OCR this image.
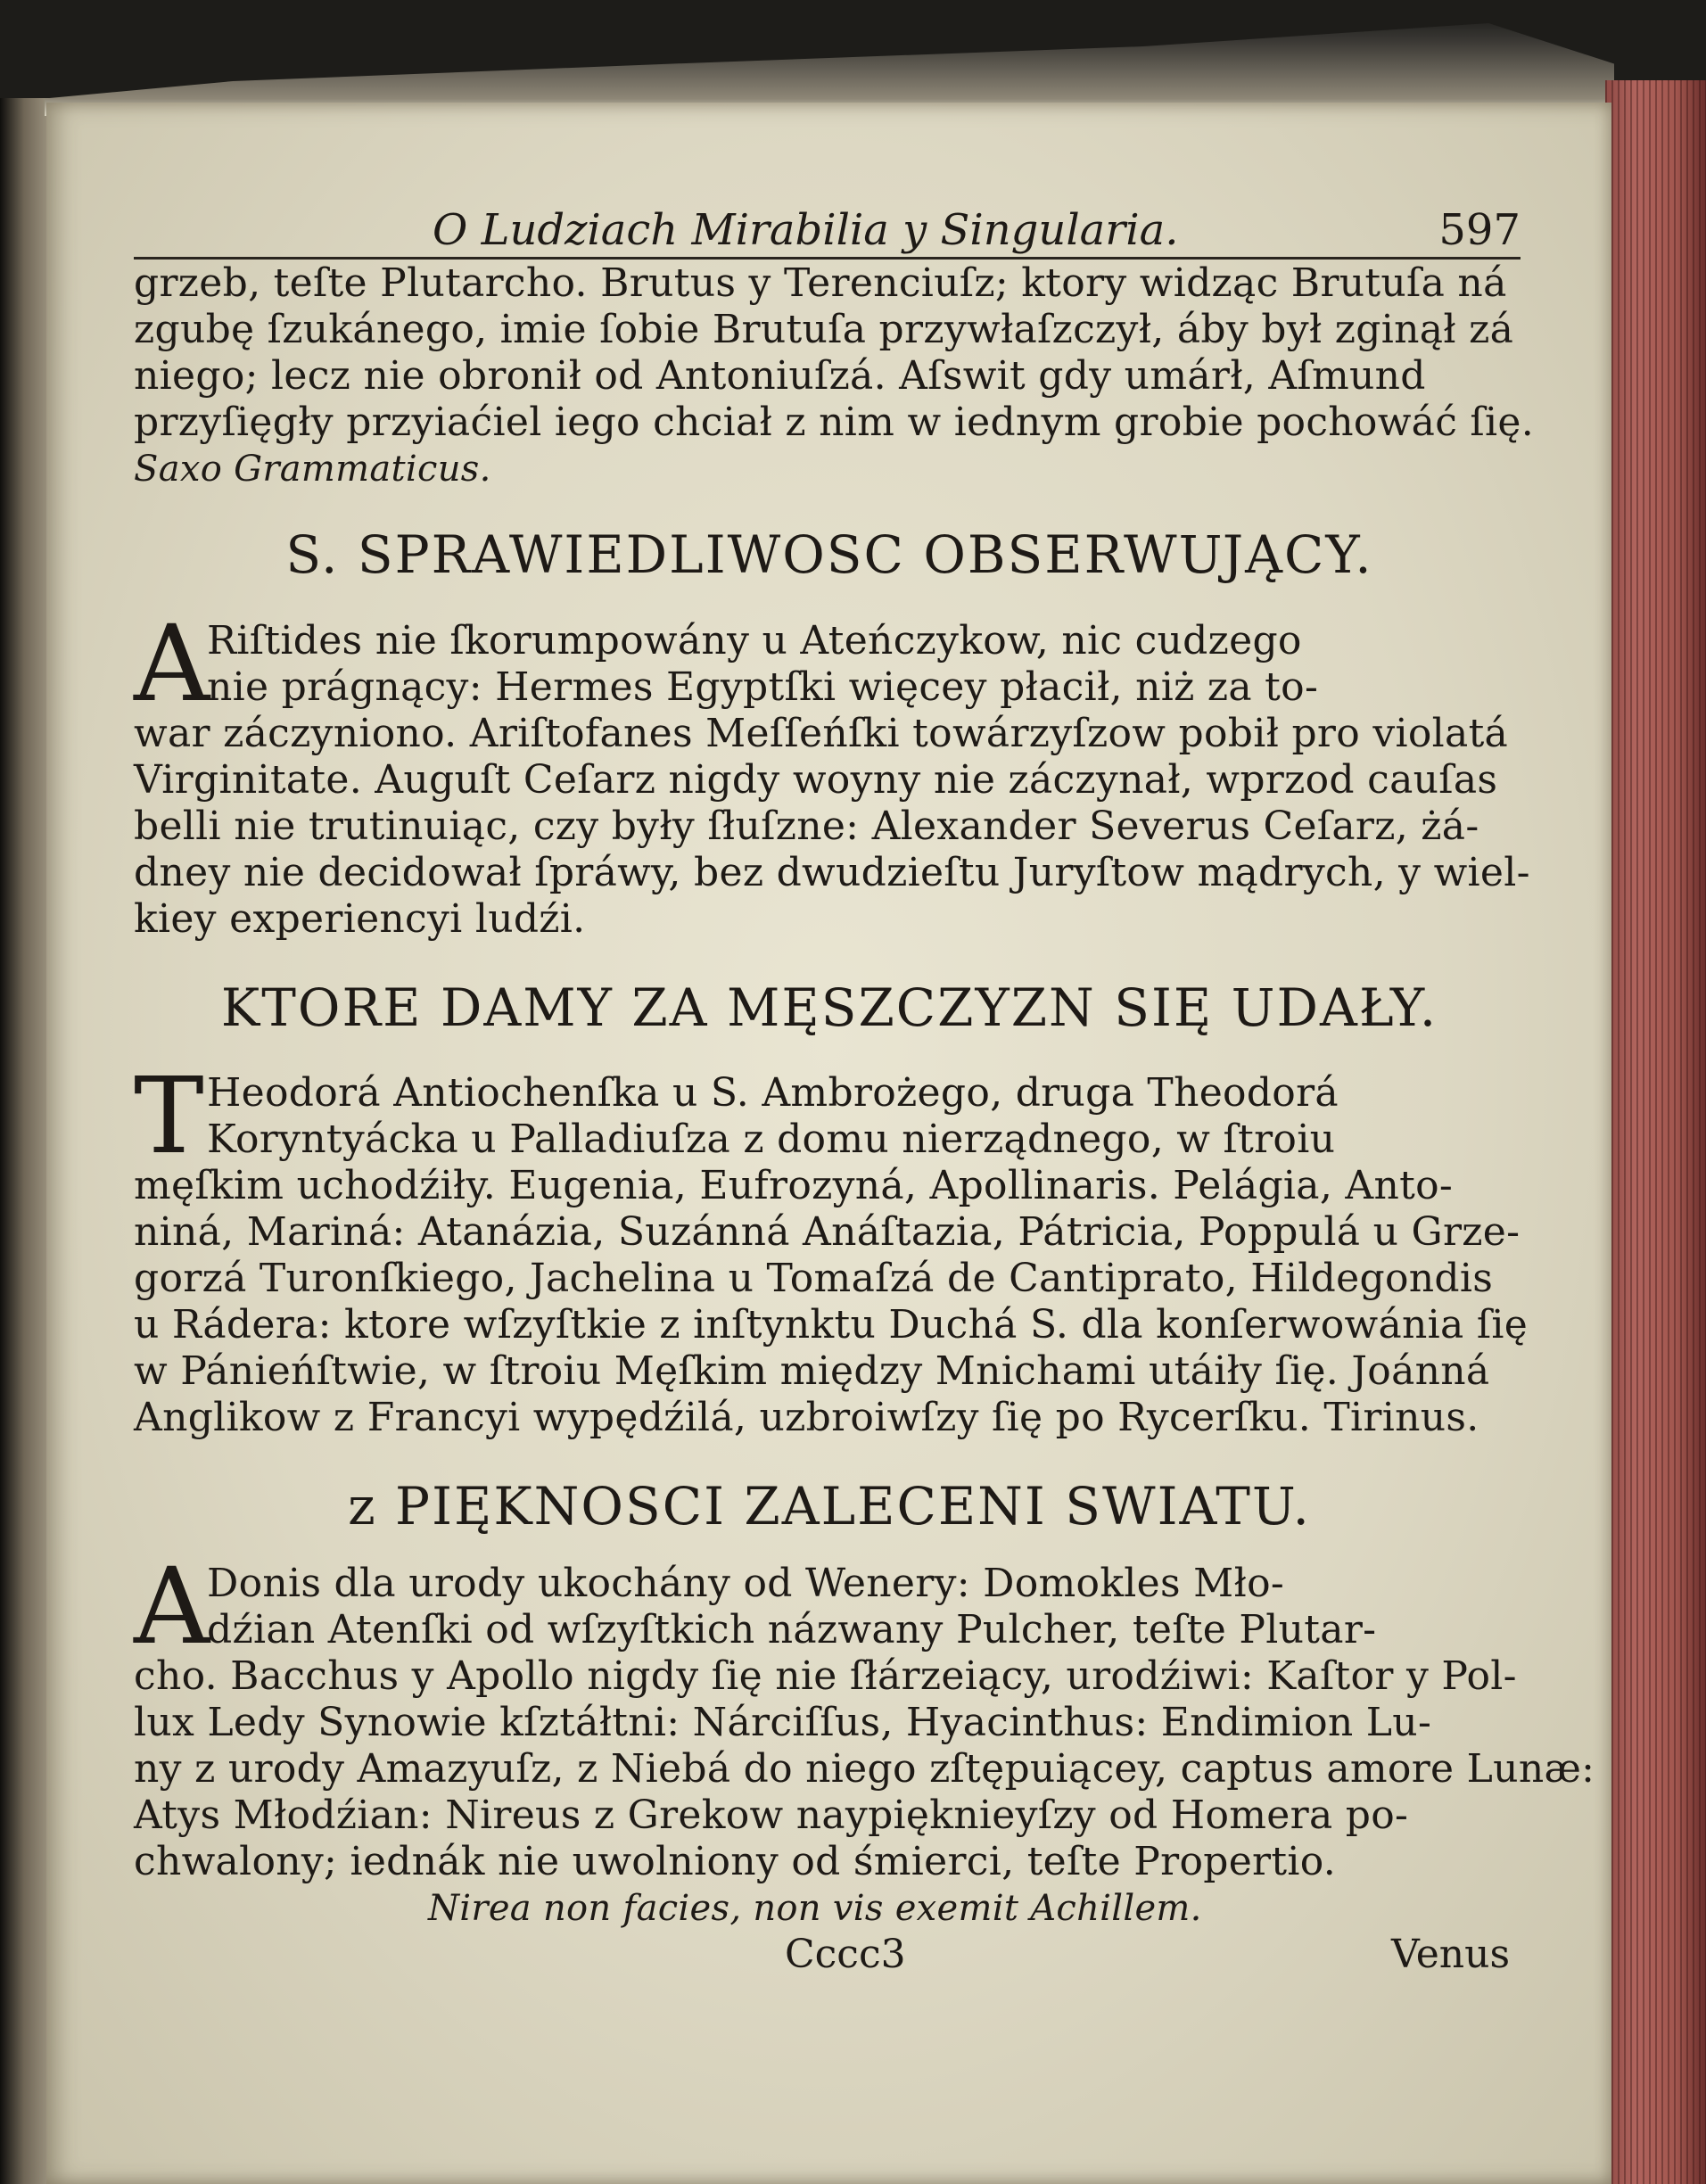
O Ludziach Mirabilia y Singularia.	597
grzeb, teſte Plutarcho. Brutus y Terenciuſz; ktory widząc Brutuſa ná
zgubę ſzukánego, imie ſobie Brutuſa przywłaſzczył, áby był zginął zá
niego; lecz nie obronił od Antoniuſzá. Aſswit gdy umárł, Aſmund
przyſięgły przyiaćiel iego chciał z nim w iednym grobie pochowáć ſię.
Saxo Grammaticus.
S. SPRAWIEDLIWOSC OBSERWUJĄCY.
A
Riſtides nie ſkorumpowány u Ateńczykow, nic cudzego
nie prágnący: Hermes Egyptſki więcey płacił, niż za to-
war záczyniono. Ariſtofanes Meſſeńſki towárzyſzow pobił pro violatá
Virginitate. Auguſt Ceſarz nigdy woyny nie záczynał, wprzod cauſas
belli nie trutinuiąc, czy były ſłuſzne: Alexander Severus Ceſarz, żá-
dney nie decidował ſpráwy, bez dwudzieſtu Juryſtow mądrych, y wiel-
kiey experiencyi ludźi.
KTORE DAMY ZA MĘSZCZYZN SIĘ UDAŁY.
T Heodorá Antiochenſka u S. Ambrożego, druga Theodorá
Koryntyácka u Palladiuſza z domu nierządnego, w ſtroiu
męſkim uchodźiły. Eugenia, Eufrozyná, Apollinaris. Pelágia, Anto-
niná, Mariná: Atanázia, Suzánná Anáſtazia, Pátricia, Poppulá u Grze-
gorzá Turonſkiego, Jachelina u Tomaſzá de Cantiprato, Hildegondis
u Rádera: ktore wſzyſtkie z inſtynktu Duchá S. dla konſerwowánia ſię
w Pánieńſtwie, w ſtroiu Męſkim między Mnichami utáiły ſię. Joánná
Anglikow z Francyi wypędźilá, uzbroiwſzy ſię po Rycerſku. Tirinus.
z PIĘKNOSCI ZALECENI SWIATU.
A
Donis dla urody ukochány od Wenery: Domokles Mło-
dźian Atenſki od wſzyſtkich názwany Pulcher, teſte Plutar-
cho. Bacchus y Apollo nigdy ſię nie ſłárzeiący, urodźiwi: Kaſtor y Pol-
lux Ledy Synowie kſztáłtni: Nárciſſus, Hyacinthus: Endimion Lu-
ny z urody Amazyuſz, z Niebá do niego zſtępuiącey, captus amore Lunæ:
Atys Młodźian: Nireus z Grekow naypięknieyſzy od Homera po-
chwalony; iednák nie uwolniony od śmierci, teſte Propertio.
Nirea non facies, non vis exemit Achillem.
Cccc3	Venus
